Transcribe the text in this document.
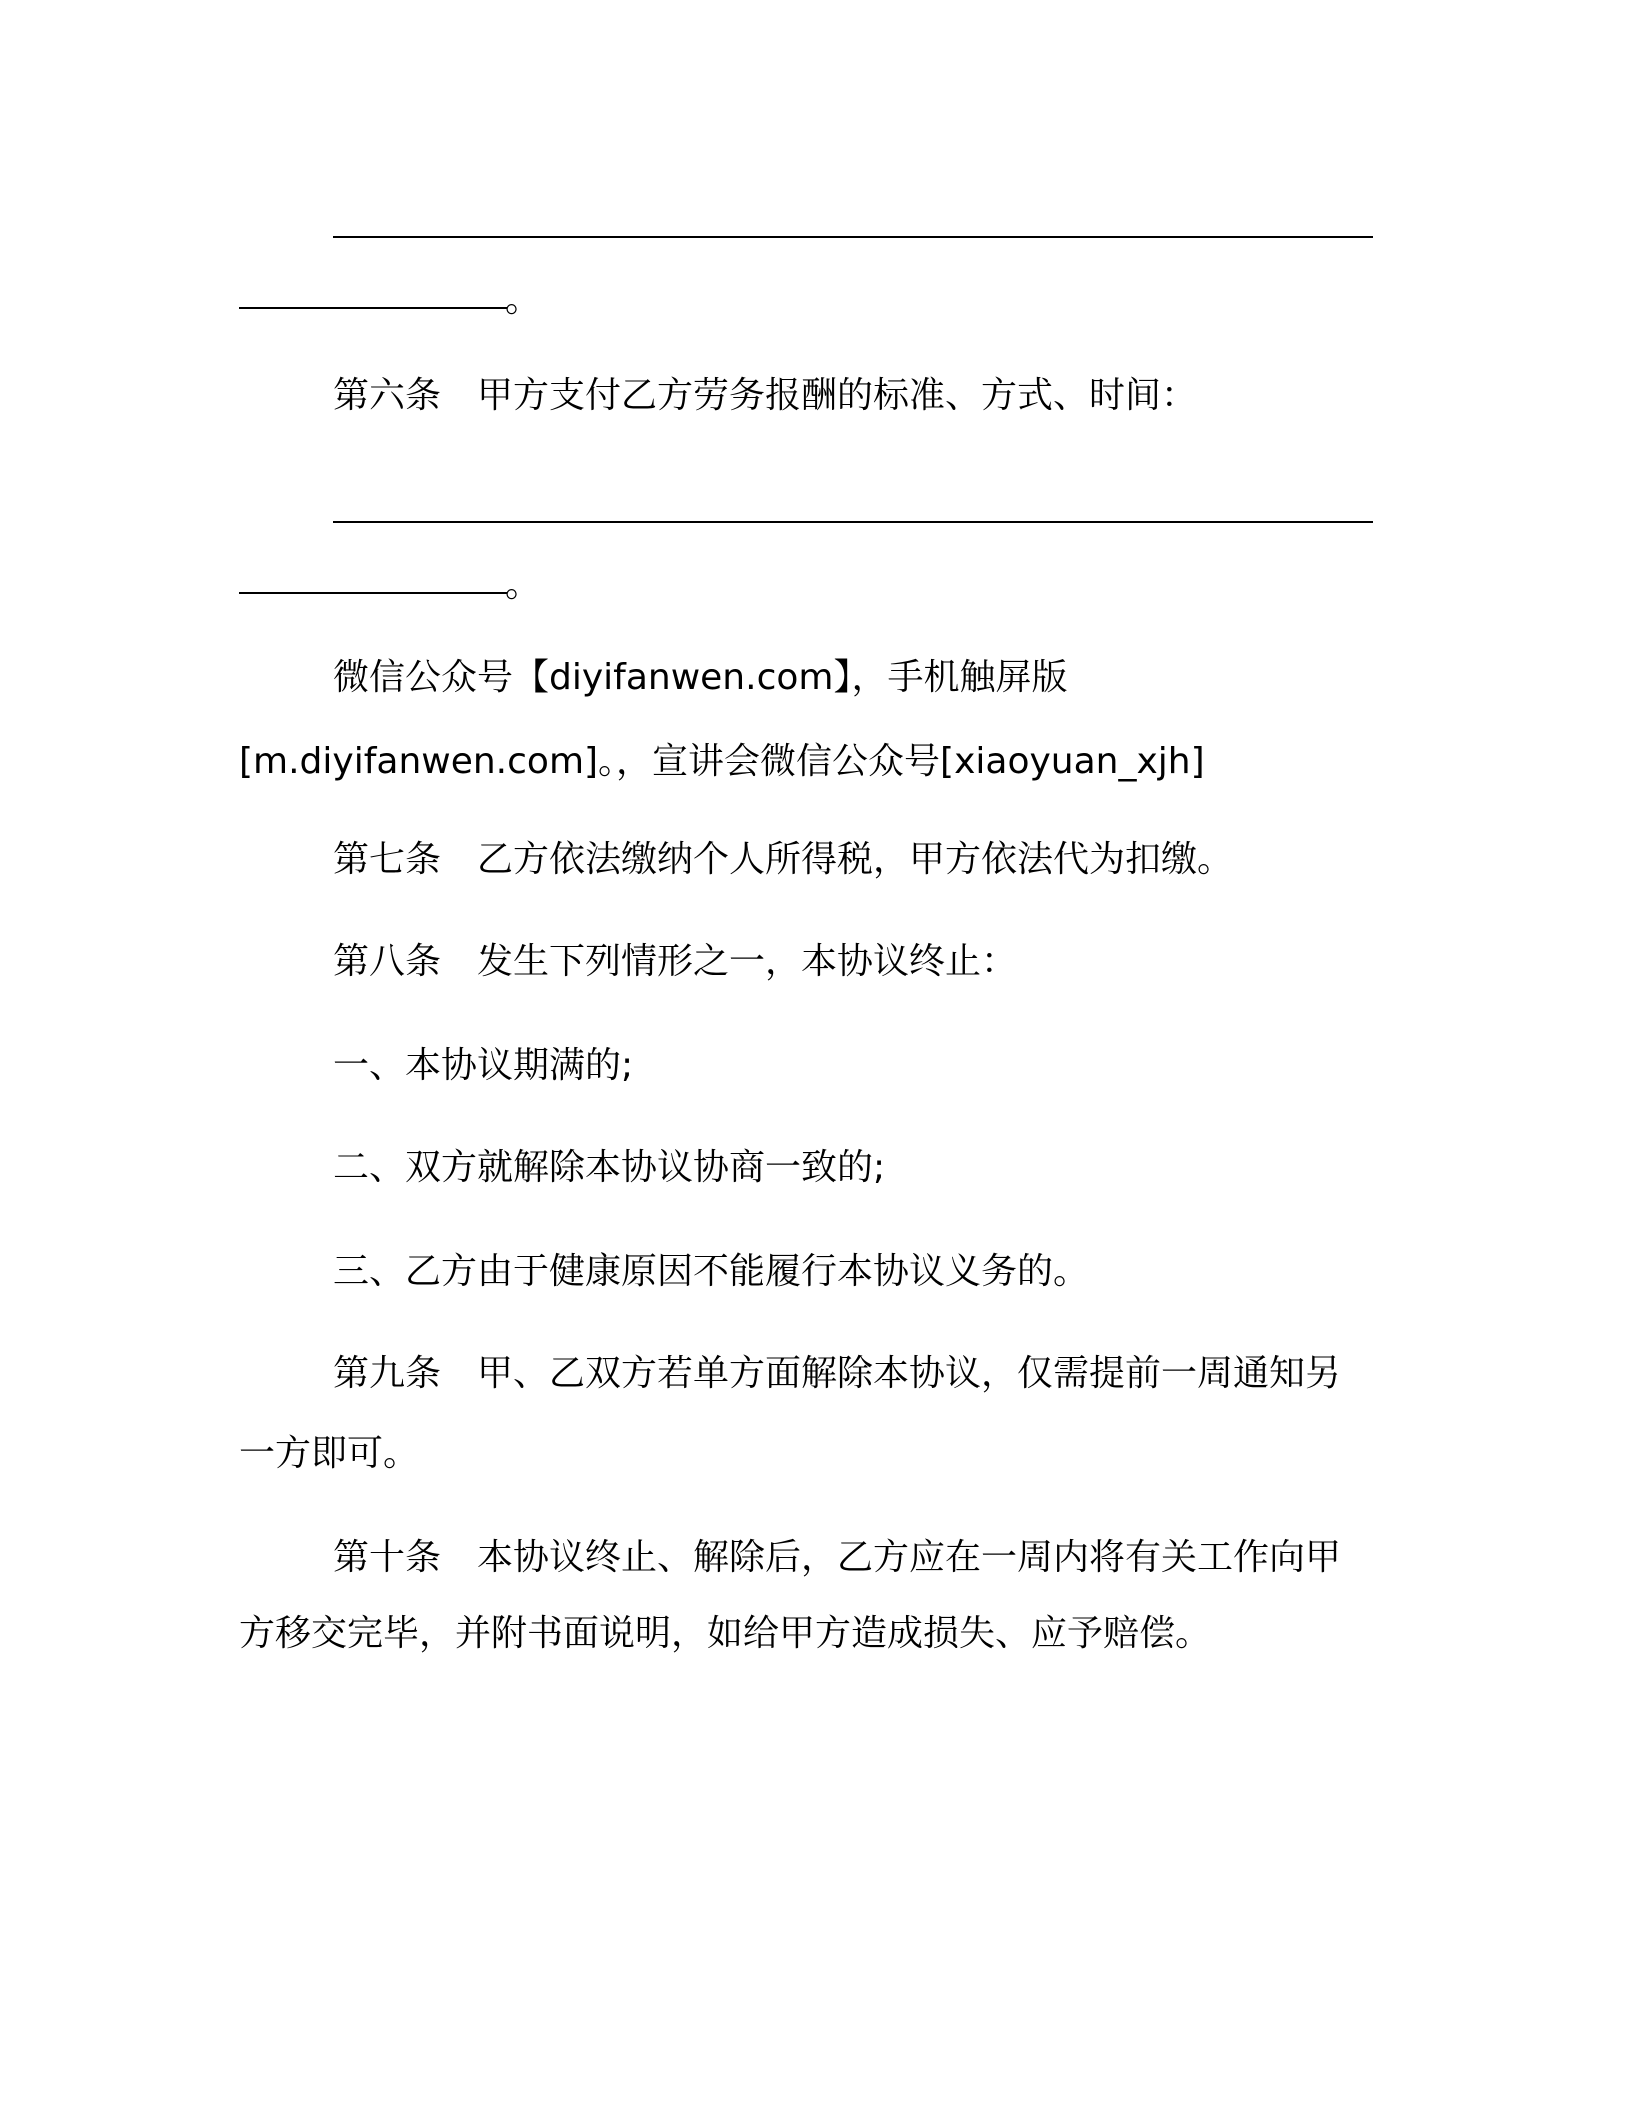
。
第六条 甲方支付乙方劳务报酬的标准、方式、时间：
。
微信公众号【diyifanwen.com】，手机触屏版
[m.diyifanwen.com]。，宣讲会微信公众号[xiaoyuan_xjh]
第七条 乙方依法缴纳个人所得税，甲方依法代为扣缴。
第八条 发生下列情形之一，本协议终止：
一、本协议期满的;
二、双方就解除本协议协商一致的;
三、乙方由于健康原因不能履行本协议义务的。
第九条 甲、乙双方若单方面解除本协议，仅需提前一周通知另
一方即可。
第十条 本协议终止、解除后，乙方应在一周内将有关工作向甲
方移交完毕，并附书面说明，如给甲方造成损失、应予赔偿。
